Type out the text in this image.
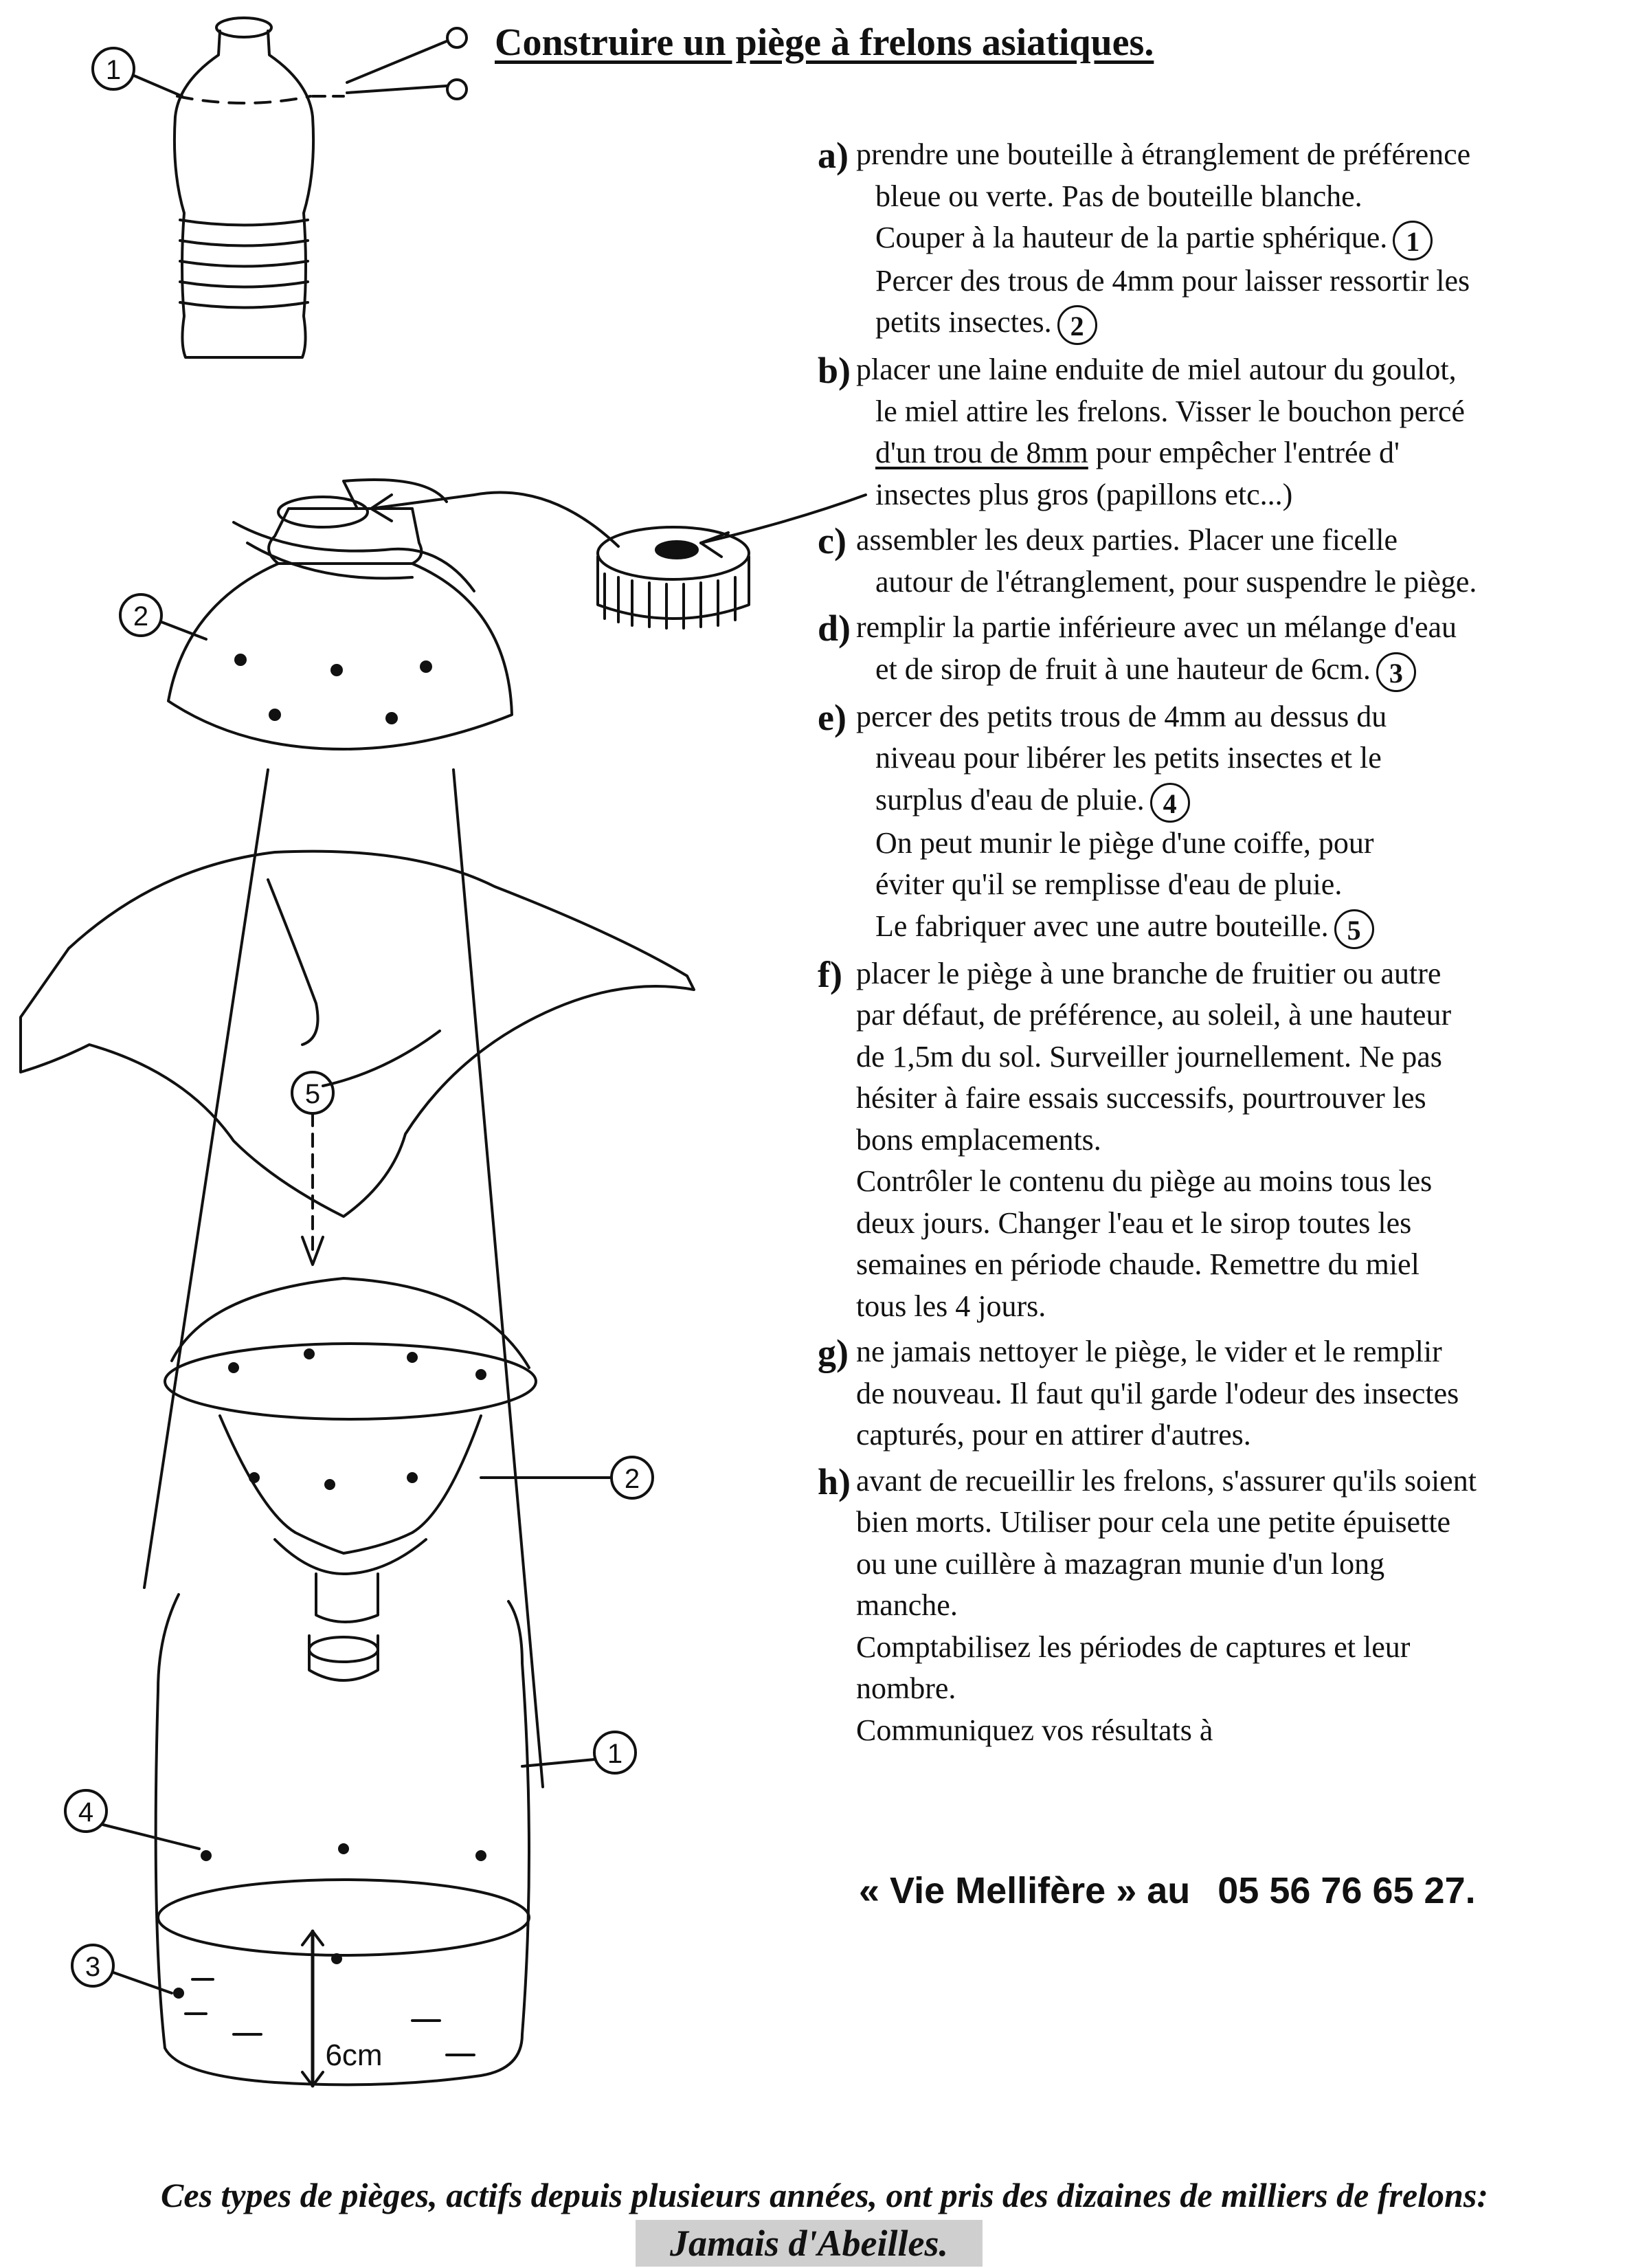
1
2
5
2
1
4
3
6cm
Construire un piège à frelons asiatiques.
a) prendre une bouteille à étranglement de préférence
bleue ou verte. Pas de bouteille blanche.
Couper à la hauteur de la partie sphérique. 1
Percer des trous de 4mm pour laisser ressortir les
petits insectes. 2
b) placer une laine enduite de miel autour du goulot,
le miel attire les frelons. Visser le bouchon percé
d'un trou de 8mm pour empêcher l'entrée d'
insectes plus gros (papillons etc...)
c) assembler les deux parties. Placer une ficelle
autour de l'étranglement, pour suspendre le piège.
d) remplir la partie inférieure avec un mélange d'eau
et de sirop de fruit à une hauteur de 6cm. 3
e) percer des petits trous de 4mm au dessus du
niveau pour libérer les petits insectes et le
surplus d'eau de pluie. 4
On peut munir le piège d'une coiffe, pour
éviter qu'il se remplisse d'eau de pluie.
Le fabriquer avec une autre bouteille. 5
f) placer le piège à une branche de fruitier ou autre
par défaut, de préférence, au soleil, à une hauteur
de 1,5m du sol. Surveiller journellement. Ne pas
hésiter à faire essais successifs, pourtrouver les
bons emplacements.
Contrôler le contenu du piège au moins tous les
deux jours. Changer l'eau et le sirop toutes les
semaines en période chaude. Remettre du miel
tous les 4 jours.
g) ne jamais nettoyer le piège, le vider et le remplir
de nouveau. Il faut qu'il garde l'odeur des insectes
capturés, pour en attirer d'autres.
h) avant de recueillir les frelons, s'assurer qu'ils soient
bien morts. Utiliser pour cela une petite épuisette
ou une cuillère à mazagran munie d'un long
manche.
Comptabilisez les périodes de captures et leur
nombre.
Communiquez vos résultats à
« Vie Mellifère » au 05 56 76 65 27.
Ces types de pièges, actifs depuis plusieurs années, ont pris des dizaines de milliers de frelons:
Jamais d'Abeilles.
